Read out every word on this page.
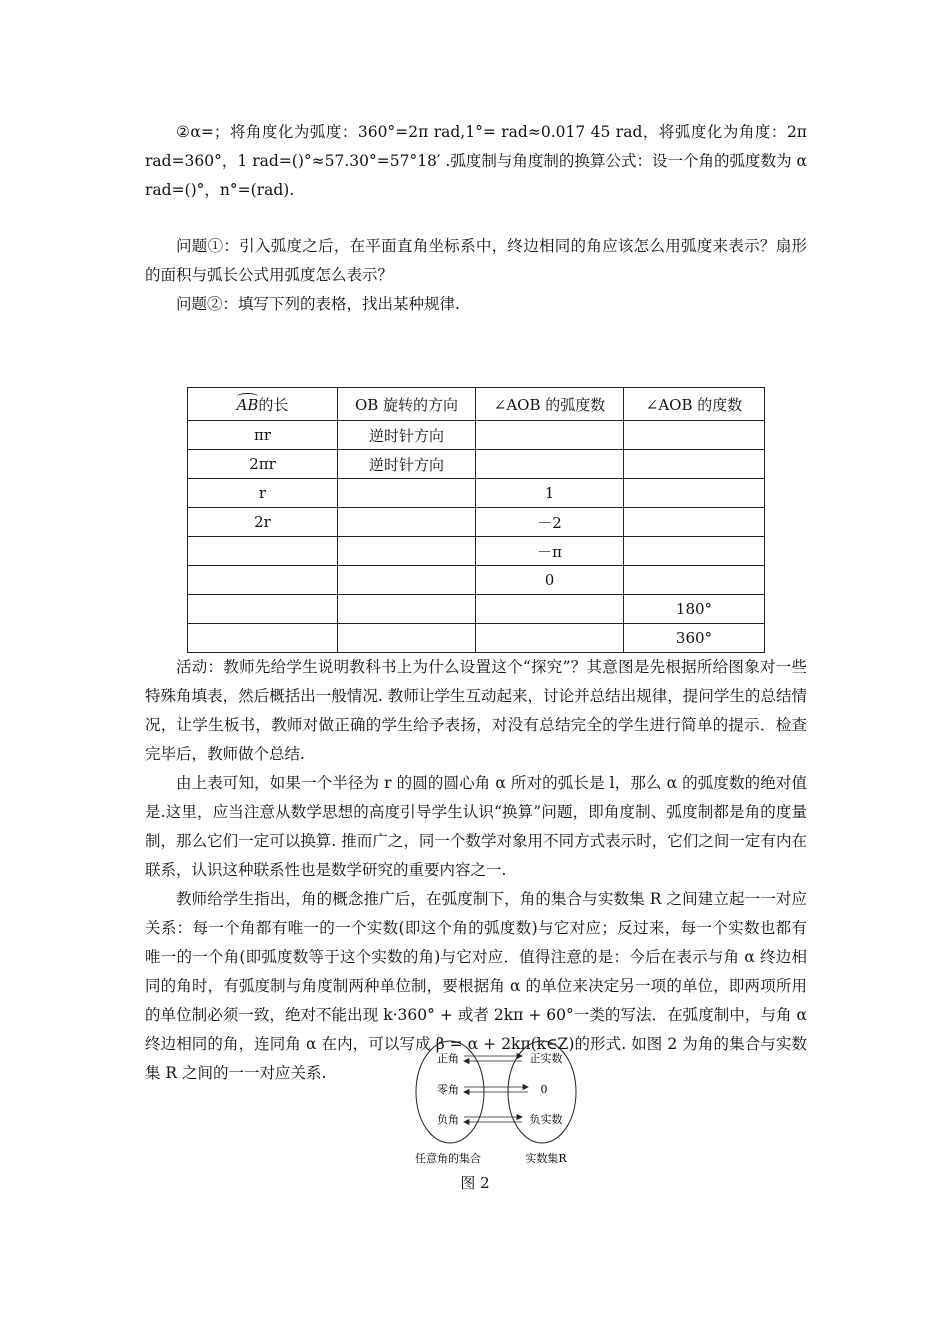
②α=；将角度化为弧度：360°=2π rad,1°= rad≈0.017 45 rad，将弧度化为角度：2π rad=360°，1 rad=()°≈57.30°=57°18′ .弧度制与角度制的换算公式：设一个角的弧度数为 α rad=()°，n°=(rad).

问题①：引入弧度之后，在平面直角坐标系中，终边相同的角应该怎么用弧度来表示？扇形的面积与弧长公式用弧度怎么表示？

问题②：填写下列的表格，找出某种规律.

AB的长	OB 旋转的方向	∠AOB 的弧度数	∠AOB 的度数
πr	逆时针方向		
2πr	逆时针方向		
r		1	
2r		－2	
		－π	
		0	
			180°
			360°

活动：教师先给学生说明教科书上为什么设置这个“探究”？其意图是先根据所给图象对一些特殊角填表，然后概括出一般情况. 教师让学生互动起来，讨论并总结出规律，提问学生的总结情况，让学生板书，教师对做正确的学生给予表扬，对没有总结完全的学生进行简单的提示．检查完毕后，教师做个总结.

由上表可知，如果一个半径为 r 的圆的圆心角 α 所对的弧长是 l，那么 α 的弧度数的绝对值是.这里，应当注意从数学思想的高度引导学生认识“换算”问题，即角度制、弧度制都是角的度量制，那么它们一定可以换算. 推而广之，同一个数学对象用不同方式表示时，它们之间一定有内在联系，认识这种联系性也是数学研究的重要内容之一.

教师给学生指出，角的概念推广后，在弧度制下，角的集合与实数集 R 之间建立起一一对应关系：每一个角都有唯一的一个实数(即这个角的弧度数)与它对应；反过来，每一个实数也都有唯一的一个角(即弧度数等于这个实数的角)与它对应．值得注意的是：今后在表示与角 α 终边相同的角时，有弧度制与角度制两种单位制，要根据角 α 的单位来决定另一项的单位，即两项所用的单位制必须一致，绝对不能出现 k·360° + 或者 2kπ + 60°一类的写法．在弧度制中，与角 α 终边相同的角，连同角 α 在内，可以写成 β = α + 2kπ(k∈Z)的形式. 如图 2 为角的集合与实数集 R 之间的一一对应关系.

正角
零角
负角
正实数
0
负实数
任意角的集合	实数集R
图 2
